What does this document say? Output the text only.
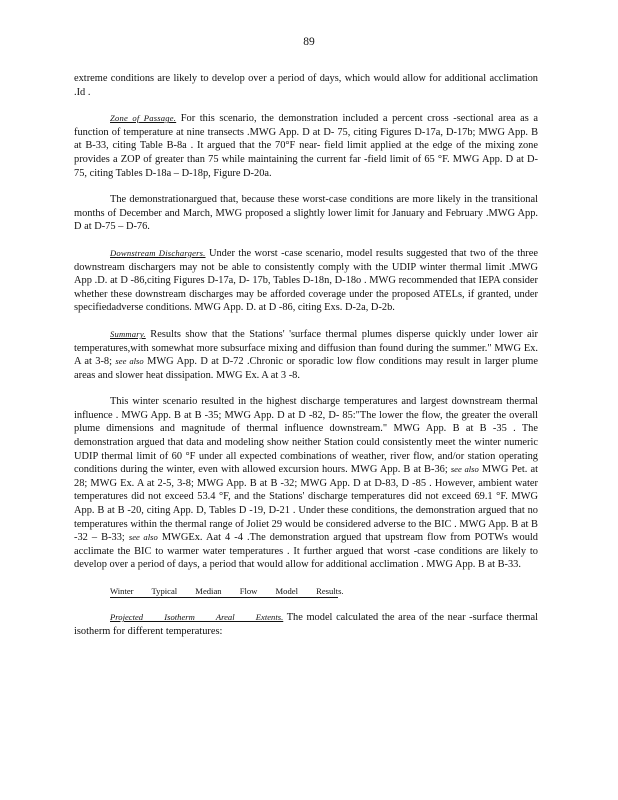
89

extreme conditions are likely to develop over a period of days, which would allow for additional acclimation .Id .

Zone of Passage. For this scenario, the demonstration included a percent cross -sectional area as a function of temperature at nine transects .MWG App. D at D- 75, citing Figures D-17a, D-17b; MWG App. B at B-33, citing Table B-8a . It argued that the 70°F near- field limit applied at the edge of the mixing zone provides a ZOP of greater than 75 while maintaining the current far -field limit of 65 °F. MWG App. D at D-75, citing Tables D-18a – D-18p, Figure D-20a.

The demonstrationargued that, because these worst-case conditions are more likely in the transitional months of December and March, MWG proposed a slightly lower limit for January and February .MWG App. D at D-75 – D-76.

Downstream Dischargers. Under the worst -case scenario, model results suggested that two of the three downstream dischargers may not be able to consistently comply with the UDIP winter thermal limit .MWG App .D. at D -86,citing Figures D-17a, D- 17b, Tables D-18n, D-18o . MWG recommended that IEPA consider whether these downstream discharges may be afforded coverage under the proposed ATELs, if granted, under specifiedadverse conditions. MWG App. D. at D -86, citing Exs. D-2a, D-2b.

Summary. Results show that the Stations' 'surface thermal plumes disperse quickly under lower air temperatures,with somewhat more subsurface mixing and diffusion than found during the summer." MWG Ex. A at 3-8; see also MWG App. D at D-72 .Chronic or sporadic low flow conditions may result in larger plume areas and slower heat dissipation. MWG Ex. A at 3 -8.

This winter scenario resulted in the highest discharge temperatures and largest downstream thermal influence . MWG App. B at B -35; MWG App. D at D -82, D- 85:"The lower the flow, the greater the overall plume dimensions and magnitude of thermal influence downstream." MWG App. B at B -35 . The demonstration argued that data and modeling show neither Station could consistently meet the winter numeric UDIP thermal limit of 60 °F under all expected combinations of weather, river flow, and/or station operating conditions during the winter, even with allowed excursion hours. MWG App. B at B-36; see also MWG Pet. at 28; MWG Ex. A at 2-5, 3-8; MWG App. B at B -32; MWG App. D at D-83, D -85 . However, ambient water temperatures did not exceed 53.4 °F, and the Stations' discharge temperatures did not exceed 69.1 °F. MWG App. B at B -20, citing App. D, Tables D -19, D-21 . Under these conditions, the demonstration argued that no temperatures within the thermal range of Joliet 29 would be considered adverse to the BIC . MWG App. B at B -32 – B-33; see also MWGEx. Aat 4 -4 .The demonstration argued that upstream flow from POTWs would acclimate the BIC to warmer water temperatures . It further argued that worst -case conditions are likely to develop over a period of days, a period that would allow for additional acclimation . MWG App. B at B-33.

Winter Typical Median Flow Model Results.

Projected Isotherm Areal Extents. The model calculated the area of the near -surface thermal isotherm for different temperatures:
